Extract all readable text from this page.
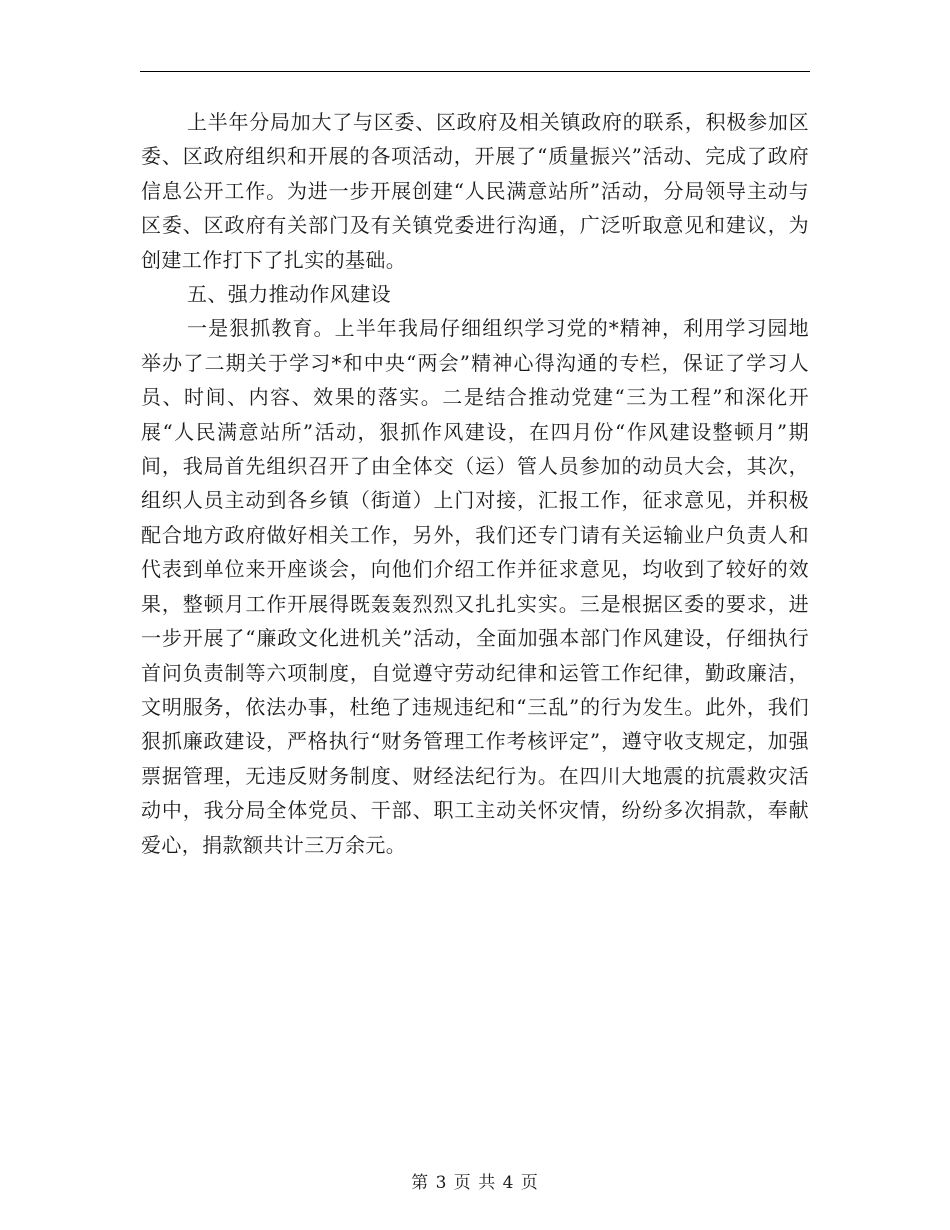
上半年分局加大了与区委、区政府及相关镇政府的联系，积极参加区委、区政府组织和开展的各项活动，开展了“质量振兴”活动、完成了政府信息公开工作。为进一步开展创建“人民满意站所”活动，分局领导主动与区委、区政府有关部门及有关镇党委进行沟通，广泛听取意见和建议，为创建工作打下了扎实的基础。

五、强力推动作风建设

一是狠抓教育。上半年我局仔细组织学习党的*精神，利用学习园地举办了二期关于学习*和中央“两会”精神心得沟通的专栏，保证了学习人员、时间、内容、效果的落实。二是结合推动党建“三为工程”和深化开展“人民满意站所”活动，狠抓作风建设，在四月份“作风建设整顿月”期间，我局首先组织召开了由全体交（运）管人员参加的动员大会，其次，组织人员主动到各乡镇（街道）上门对接，汇报工作，征求意见，并积极配合地方政府做好相关工作，另外，我们还专门请有关运输业户负责人和代表到单位来开座谈会，向他们介绍工作并征求意见，均收到了较好的效果，整顿月工作开展得既轰轰烈烈又扎扎实实。三是根据区委的要求，进一步开展了“廉政文化进机关”活动，全面加强本部门作风建设，仔细执行首问负责制等六项制度，自觉遵守劳动纪律和运管工作纪律，勤政廉洁，文明服务，依法办事，杜绝了违规违纪和“三乱”的行为发生。此外，我们狠抓廉政建设，严格执行“财务管理工作考核评定”，遵守收支规定，加强票据管理，无违反财务制度、财经法纪行为。在四川大地震的抗震救灾活动中，我分局全体党员、干部、职工主动关怀灾情，纷纷多次捐款，奉献爱心，捐款额共计三万余元。

第 3 页 共 4 页
